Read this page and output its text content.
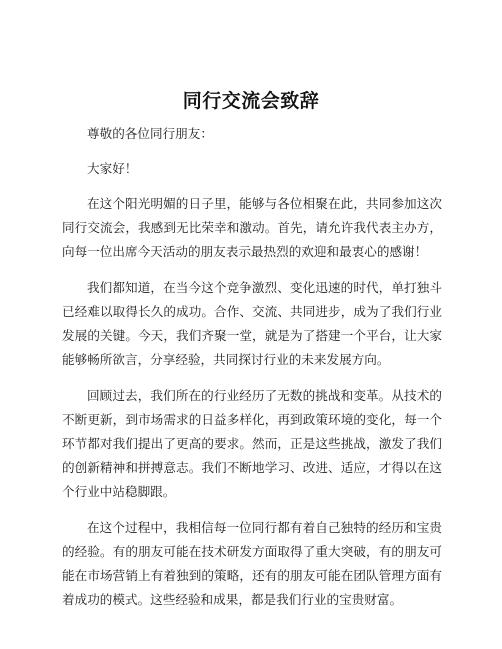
同行交流会致辞

尊敬的各位同行朋友：

大家好！

在这个阳光明媚的日子里，能够与各位相聚在此，共同参加这次同行交流会，我感到无比荣幸和激动。首先，请允许我代表主办方，向每一位出席今天活动的朋友表示最热烈的欢迎和最衷心的感谢！

我们都知道，在当今这个竞争激烈、变化迅速的时代，单打独斗已经难以取得长久的成功。合作、交流、共同进步，成为了我们行业发展的关键。今天，我们齐聚一堂，就是为了搭建一个平台，让大家能够畅所欲言，分享经验，共同探讨行业的未来发展方向。

回顾过去，我们所在的行业经历了无数的挑战和变革。从技术的不断更新，到市场需求的日益多样化，再到政策环境的变化，每一个环节都对我们提出了更高的要求。然而，正是这些挑战，激发了我们的创新精神和拼搏意志。我们不断地学习、改进、适应，才得以在这个行业中站稳脚跟。

在这个过程中，我相信每一位同行都有着自己独特的经历和宝贵的经验。有的朋友可能在技术研发方面取得了重大突破，有的朋友可能在市场营销上有着独到的策略，还有的朋友可能在团队管理方面有着成功的模式。这些经验和成果，都是我们行业的宝贵财富。
